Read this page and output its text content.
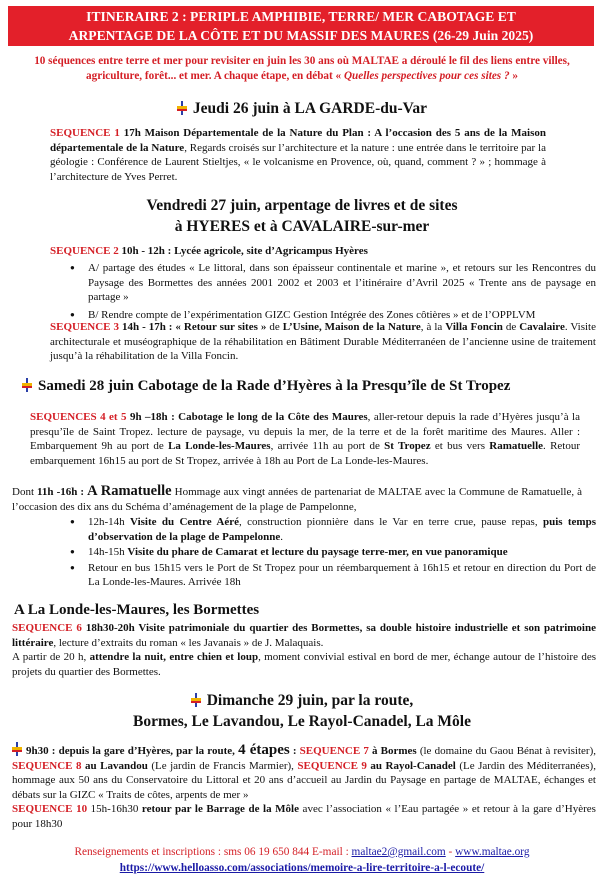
ITINERAIRE 2 : PERIPLE AMPHIBIE, TERRE/ MER CABOTAGE ET
ARPENTAGE DE LA CÔTE ET DU MASSIF DES MAURES (26-29 Juin 2025)
10 séquences entre terre et mer pour revisiter en juin les 30 ans où MALTAE a déroulé le fil des liens entre villes, agriculture, forêt... et mer. A chaque étape, en débat « Quelles perspectives pour ces sites ? »
Jeudi 26 juin à LA GARDE-du-Var
SEQUENCE 1 17h Maison Départementale de la Nature du Plan : A l’occasion des 5 ans de la Maison départementale de la Nature, Regards croisés sur l’architecture et la nature : une entrée dans le territoire par la géologie : Conférence de Laurent Stieltjes, « le volcanisme en Provence, où, quand, comment ? » ; hommage à l’architecture de Yves Perret.
Vendredi 27 juin, arpentage de livres et de sites
à HYERES et à CAVALAIRE-sur-mer
SEQUENCE 2 10h - 12h : Lycée agricole, site d’Agricampus Hyères
● A/ partage des études « Le littoral, dans son épaisseur continentale et marine », et retours sur les Rencontres du Paysage des Bormettes des années 2001 2002 et 2003 et l’itinéraire d’Avril 2025 « Trente ans de paysage en partage »
● B/ Rendre compte de l’expérimentation GIZC Gestion Intégrée des Zones côtières » et de l’OPPLVM
SEQUENCE 3 14h - 17h : « Retour sur sites » de L’Usine, Maison de la Nature, à la Villa Foncin de Cavalaire. Visite architecturale et muséographique de la réhabilitation en Bâtiment Durable Méditerranéen de l’ancienne usine de traitement jusqu’à la réhabilitation de la Villa Foncin.
Samedi 28 juin Cabotage de la Rade d’Hyères à la Presqu’île de St Tropez
SEQUENCES 4 et 5 9h –18h : Cabotage le long de la Côte des Maures, aller-retour depuis la rade d’Hyères jusqu’à la presqu’île de Saint Tropez. lecture de paysage, vu depuis la mer, de la terre et de la forêt maritime des Maures. Aller : Embarquement 9h au port de La Londe-les-Maures, arrivée 11h au port de St Tropez et bus vers Ramatuelle. Retour embarquement 16h15 au port de St Tropez, arrivée à 18h au Port de La Londe-les-Maures.
Dont 11h -16h : A Ramatuelle Hommage aux vingt années de partenariat de MALTAE avec la Commune de Ramatuelle, à l’occasion des dix ans du Schéma d’aménagement de la plage de Pampelonne,
● 12h-14h Visite du Centre Aéré, construction pionnière dans le Var en terre crue, pause repas, puis temps d’observation de la plage de Pampelonne.
● 14h-15h Visite du phare de Camarat et lecture du paysage terre-mer, en vue panoramique
● Retour en bus 15h15 vers le Port de St Tropez pour un réembarquement à 16h15 et retour en direction du Port de La Londe-les-Maures. Arrivée 18h
A La Londe-les-Maures, les Bormettes
SEQUENCE 6 18h30-20h Visite patrimoniale du quartier des Bormettes, sa double histoire industrielle et son patrimoine littéraire, lecture d’extraits du roman « les Javanais » de J. Malaquais.
A partir de 20 h, attendre la nuit, entre chien et loup, moment convivial estival en bord de mer, échange autour de l’histoire des projets du quartier des Bormettes.
Dimanche 29 juin, par la route,
Bormes, Le Lavandou, Le Rayol-Canadel, La Môle
9h30 : depuis la gare d’Hyères, par la route, 4 étapes : SEQUENCE 7 à Bormes (le domaine du Gaou Bénat à revisiter), SEQUENCE 8 au Lavandou (Le jardin de Francis Marmier), SEQUENCE 9 au Rayol-Canadel (Le Jardin des Méditerranées), hommage aux 50 ans du Conservatoire du Littoral et 20 ans d’accueil au Jardin du Paysage en partage de MALTAE, échanges et débats sur la GIZC « Traits de côtes, arpents de mer »
SEQUENCE 10 15h-16h30 retour par le Barrage de la Môle avec l’association « l’Eau partagée » et retour à la gare d’Hyères pour 18h30
Renseignements et inscriptions : sms 06 19 650 844 E-mail : maltae2@gmail.com - www.maltae.org
https://www.helloasso.com/associations/memoire-a-lire-territoire-a-l-ecoute/
